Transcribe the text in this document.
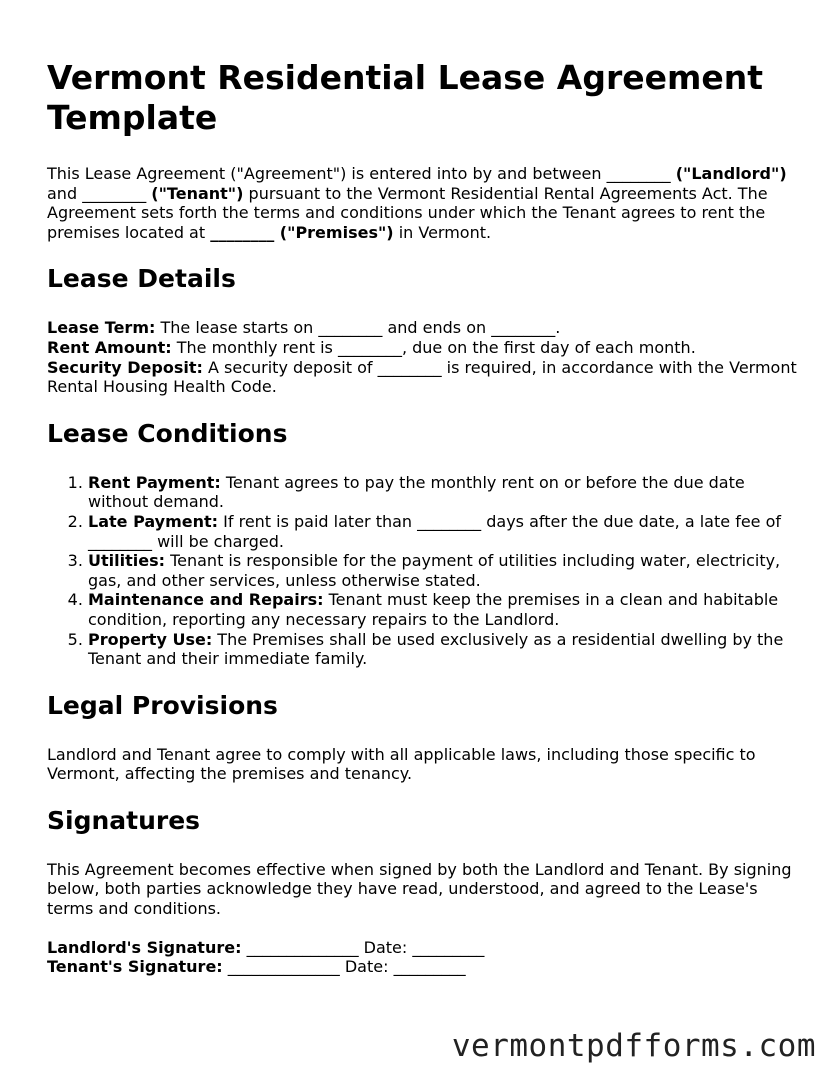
Vermont Residential Lease Agreement Template

This Lease Agreement ("Agreement") is entered into by and between ________ ("Landlord") and ________ ("Tenant") pursuant to the Vermont Residential Rental Agreements Act. The Agreement sets forth the terms and conditions under which the Tenant agrees to rent the premises located at ________ ("Premises") in Vermont.

Lease Details

Lease Term: The lease starts on ________ and ends on ________.

Rent Amount: The monthly rent is ________, due on the first day of each month.

Security Deposit: A security deposit of ________ is required, in accordance with the Vermont Rental Housing Health Code.

Lease Conditions
1. Rent Payment: Tenant agrees to pay the monthly rent on or before the due date without demand.
2. Late Payment: If rent is paid later than ________ days after the due date, a late fee of ________ will be charged.
3. Utilities: Tenant is responsible for the payment of utilities including water, electricity, gas, and other services, unless otherwise stated.
4. Maintenance and Repairs: Tenant must keep the premises in a clean and habitable condition, reporting any necessary repairs to the Landlord.
5. Property Use: The Premises shall be used exclusively as a residential dwelling by the Tenant and their immediate family.
Legal Provisions

Landlord and Tenant agree to comply with all applicable laws, including those specific to Vermont, affecting the premises and tenancy.

Signatures

This Agreement becomes effective when signed by both the Landlord and Tenant. By signing below, both parties acknowledge they have read, understood, and agreed to the Lease's terms and conditions.

Landlord's Signature: ______________ Date: _________

Tenant's Signature: ______________ Date: _________

vermontpdfforms.com
